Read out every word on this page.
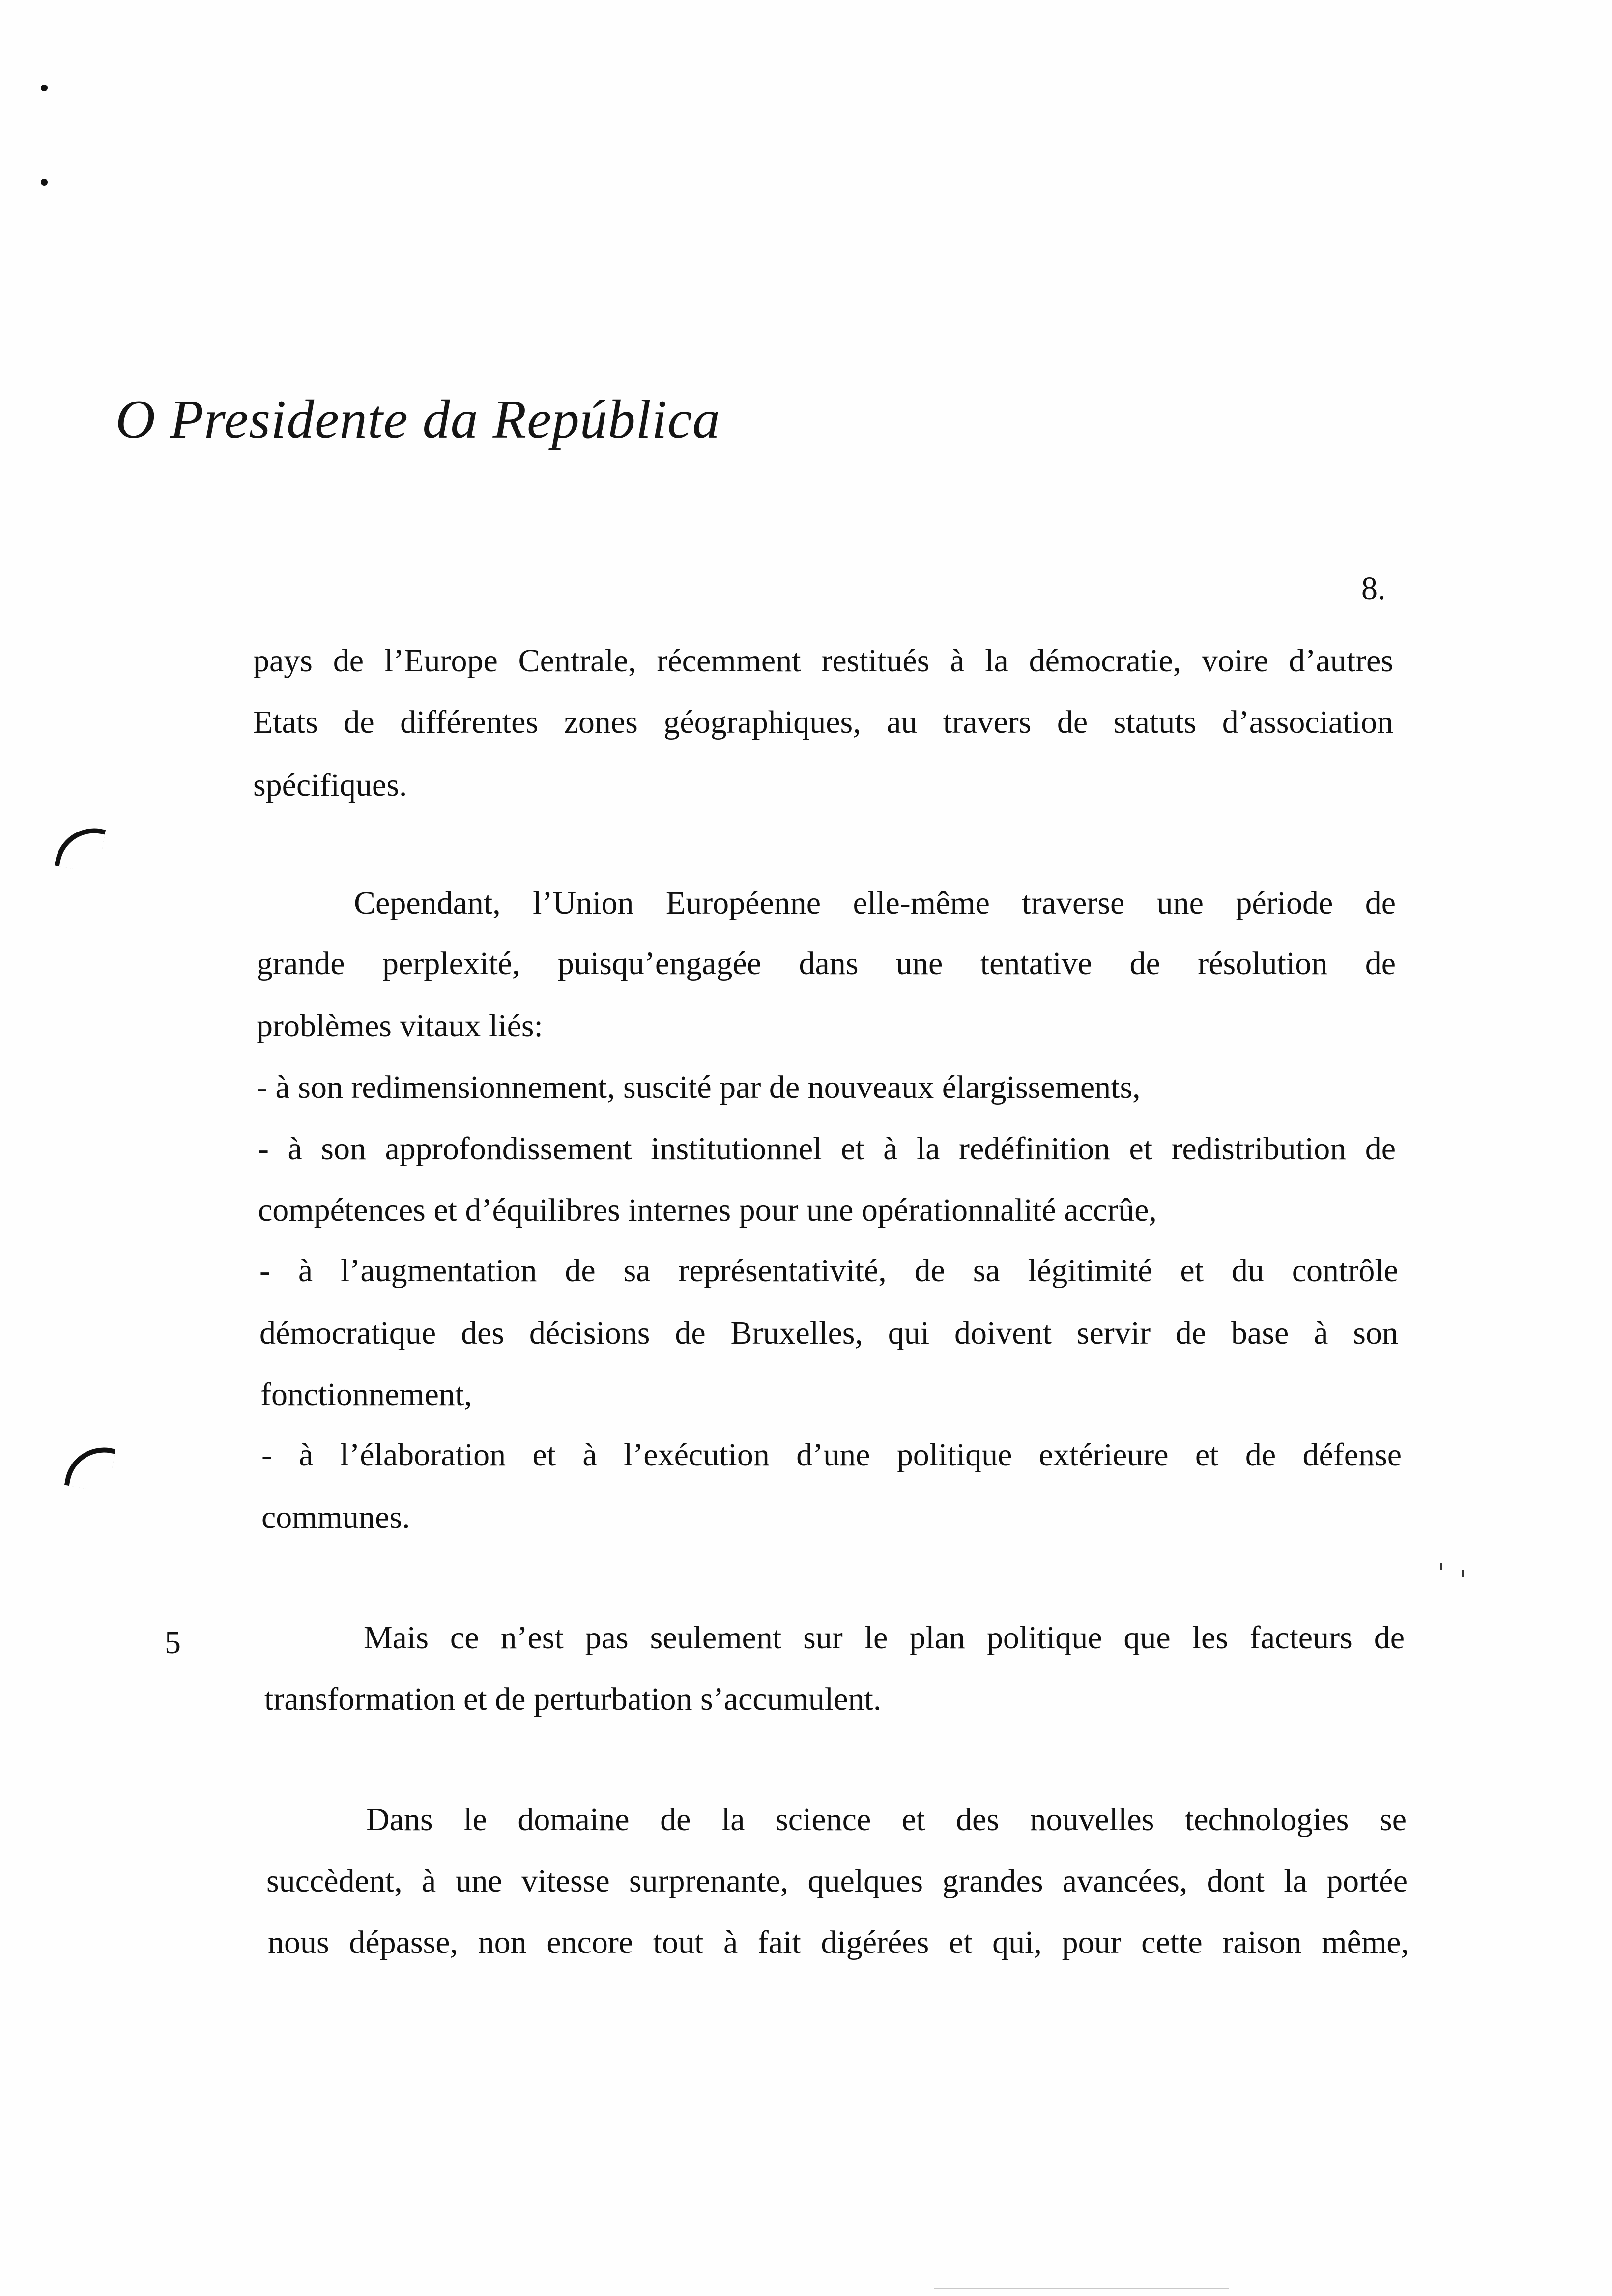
O Presidente da República
8.
5
pays de l’Europe Centrale, récemment restitués à la démocratie, voire d’autres
Etats de différentes zones géographiques, au travers de statuts d’association
spécifiques.
Cependant, l’Union Européenne elle-même traverse une période de
grande perplexité, puisqu’engagée dans une tentative de résolution de
problèmes vitaux liés:
- à son redimensionnement, suscité par de nouveaux élargissements,
- à son approfondissement institutionnel et à la redéfinition et redistribution de
compétences et d’équilibres internes pour une opérationnalité accrûe,
- à l’augmentation de sa représentativité, de sa légitimité et du contrôle
démocratique des décisions de Bruxelles, qui doivent servir de base à son
fonctionnement,
- à l’élaboration et à l’exécution d’une politique extérieure et de défense
communes.
Mais ce n’est pas seulement sur le plan politique que les facteurs de
transformation et de perturbation s’accumulent.
Dans le domaine de la science et des nouvelles technologies se
succèdent, à une vitesse surprenante, quelques grandes avancées, dont la portée
nous dépasse, non encore tout à fait digérées et qui, pour cette raison même,
